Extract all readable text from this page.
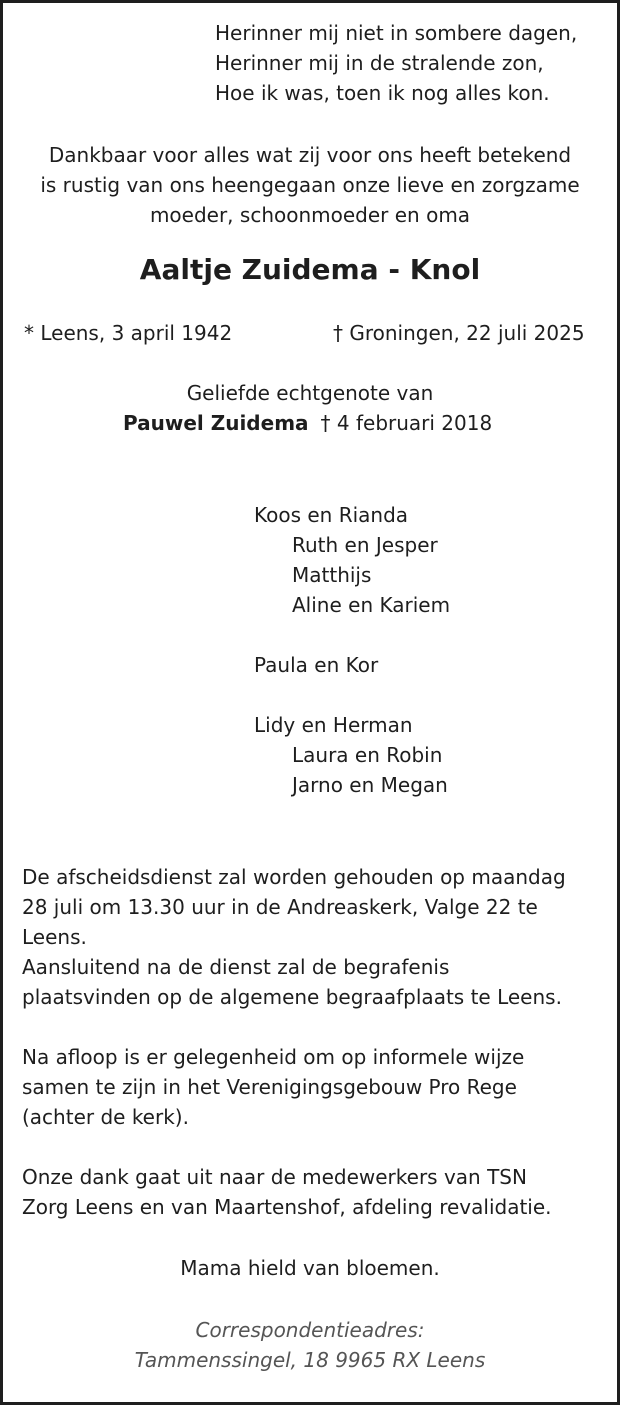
Herinner mij niet in sombere dagen,
Herinner mij in de stralende zon,
Hoe ik was, toen ik nog alles kon.
Dankbaar voor alles wat zij voor ons heeft betekend
is rustig van ons heengegaan onze lieve en zorgzame
moeder, schoonmoeder en oma
Aaltje Zuidema - Knol
* Leens, 3 april 1942	† Groningen, 22 juli 2025
Geliefde echtgenote van
Pauwel Zuidema † 4 februari 2018
Koos en Rianda
Ruth en Jesper
Matthijs
Aline en Kariem
Paula en Kor
Lidy en Herman
Laura en Robin
Jarno en Megan
De afscheidsdienst zal worden gehouden op maandag
28 juli om 13.30 uur in de Andreaskerk, Valge 22 te
Leens.
Aansluitend na de dienst zal de begrafenis
plaatsvinden op de algemene begraafplaats te Leens.
Na afloop is er gelegenheid om op informele wijze
samen te zijn in het Verenigingsgebouw Pro Rege
(achter de kerk).
Onze dank gaat uit naar de medewerkers van TSN
Zorg Leens en van Maartenshof, afdeling revalidatie.
Mama hield van bloemen.
Correspondentieadres:
Tammenssingel, 18 9965 RX Leens
